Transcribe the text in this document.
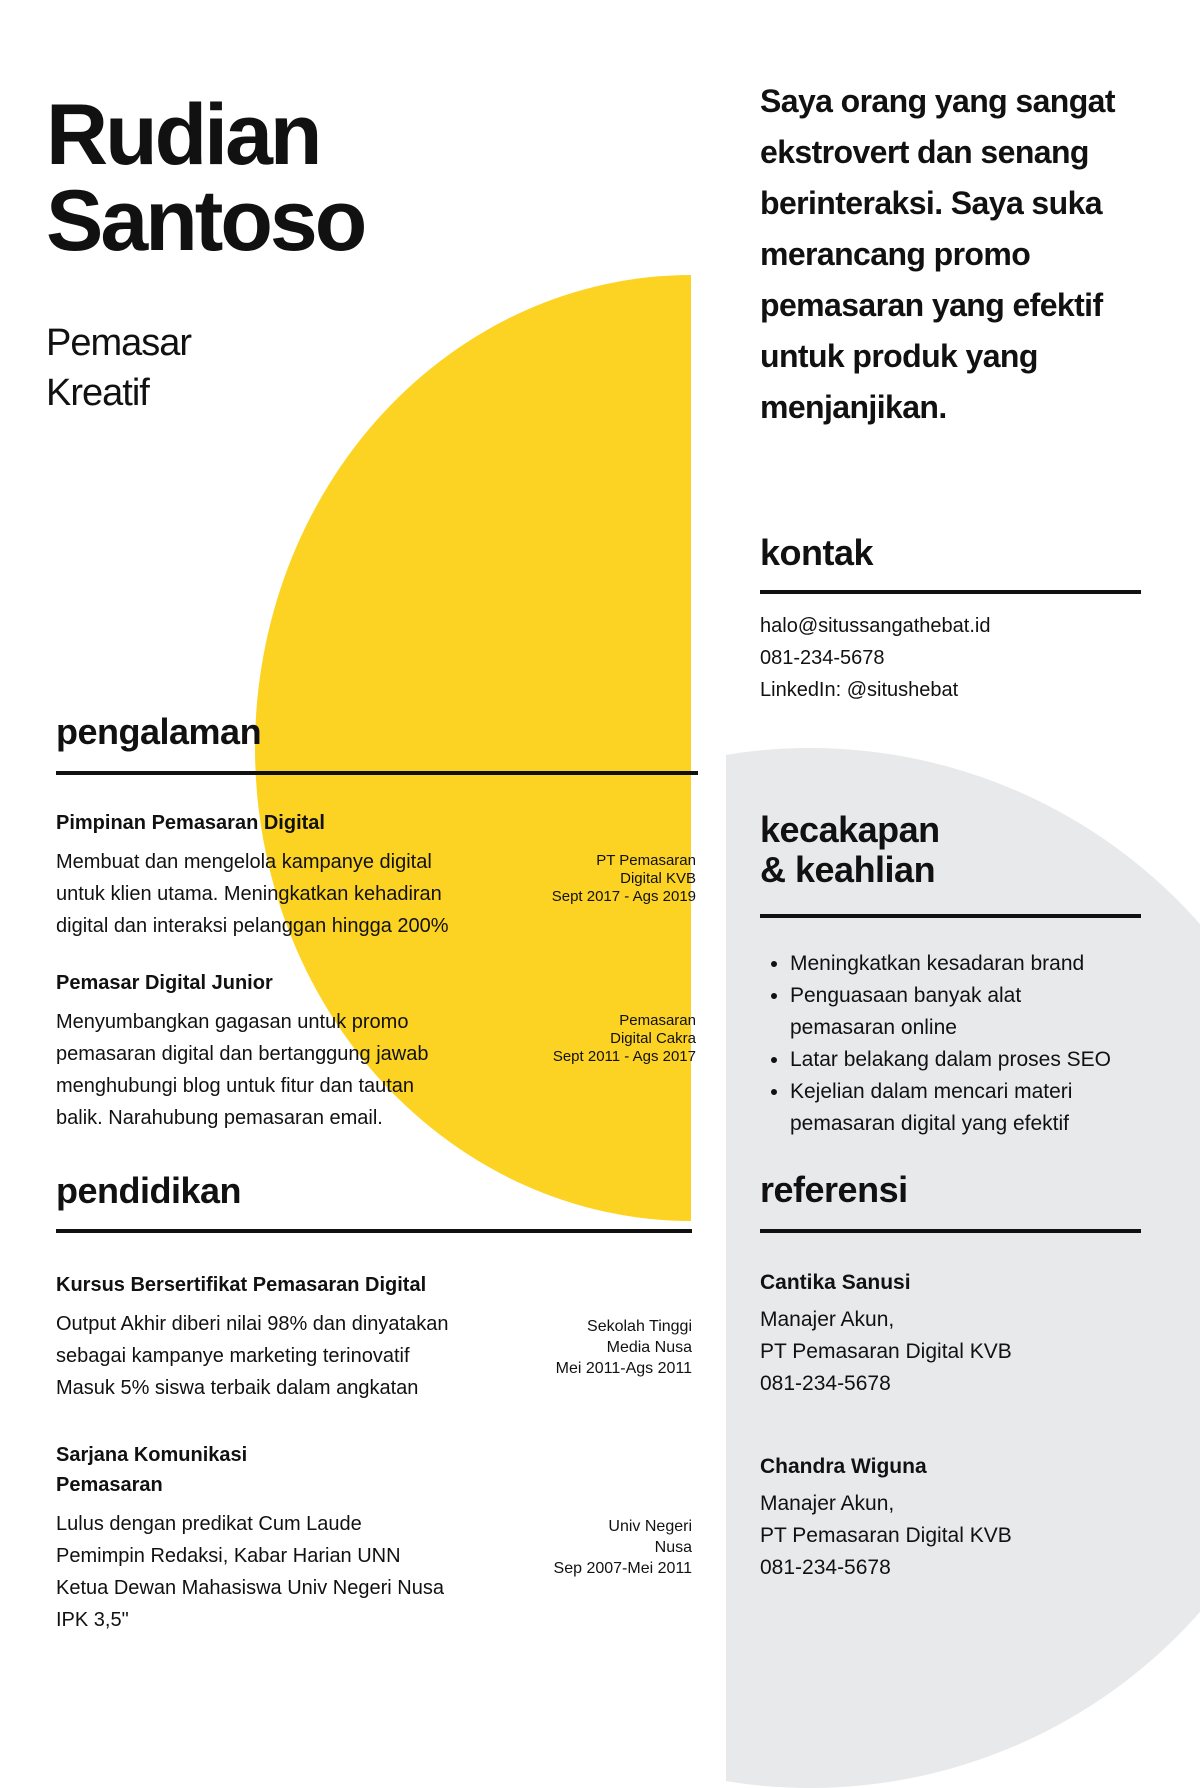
Rudian
Santoso
Pemasar
Kreatif
Saya orang yang sangat ekstrovert dan senang berinteraksi. Saya suka merancang promo pemasaran yang efektif untuk produk yang menjanjikan.
kontak
halo@situssangathebat.id
081-234-5678
LinkedIn: @situshebat
pengalaman
Pimpinan Pemasaran Digital
Membuat dan mengelola kampanye digital
untuk klien utama. Meningkatkan kehadiran
digital dan interaksi pelanggan hingga 200%
PT Pemasaran
Digital KVB
Sept 2017 - Ags 2019
Pemasar Digital Junior
Menyumbangkan gagasan untuk promo
pemasaran digital dan bertanggung jawab
menghubungi blog untuk fitur dan tautan
balik. Narahubung pemasaran email.
Pemasaran
Digital Cakra
Sept 2011 - Ags 2017
pendidikan
Kursus Bersertifikat Pemasaran Digital
Output Akhir diberi nilai 98% dan dinyatakan
sebagai kampanye marketing terinovatif
Masuk 5% siswa terbaik dalam angkatan
Sekolah Tinggi
Media Nusa
Mei 2011-Ags 2011
Sarjana Komunikasi
Pemasaran
Lulus dengan predikat Cum Laude
Pemimpin Redaksi, Kabar Harian UNN
Ketua Dewan Mahasiswa Univ Negeri Nusa
IPK 3,5"
Univ Negeri
Nusa
Sep 2007-Mei 2011
kecakapan
& keahlian
• Meningkatkan kesadaran brand
• Penguasaan banyak alat
pemasaran online
• Latar belakang dalam proses SEO
• Kejelian dalam mencari materi
pemasaran digital yang efektif
referensi
Cantika Sanusi
Manajer Akun,
PT Pemasaran Digital KVB
081-234-5678
Chandra Wiguna
Manajer Akun,
PT Pemasaran Digital KVB
081-234-5678
